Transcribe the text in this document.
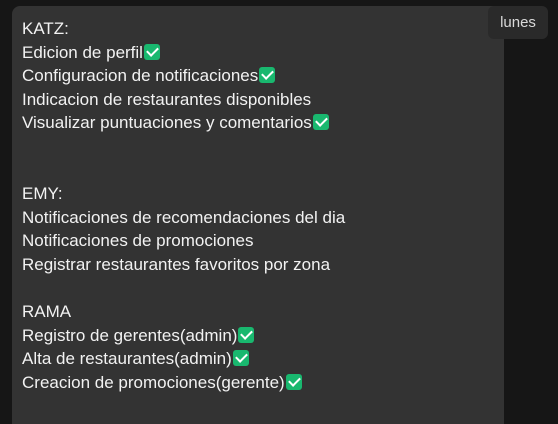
KATZ:
Edicion de perfil
Configuracion de notificaciones
Indicacion de restaurantes disponibles
Visualizar puntuaciones y comentarios
EMY:
Notificaciones de recomendaciones del dia
Notificaciones de promociones
Registrar restaurantes favoritos por zona
RAMA
Registro de gerentes(admin)
Alta de restaurantes(admin)
Creacion de promociones(gerente)
lunes
